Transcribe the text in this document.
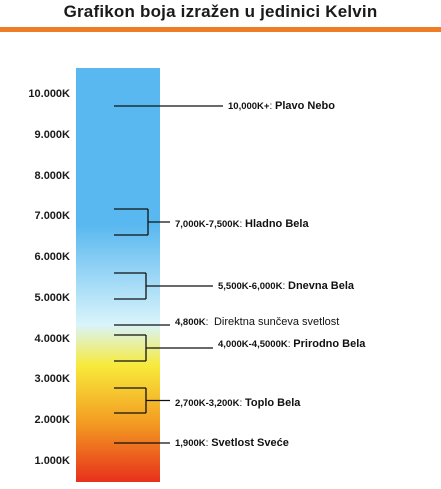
Grafikon boja izražen u jedinici Kelvin
10.000K
9.000K
8.000K
7.000K
6.000K
5.000K
4.000K
3.000K
2.000K
1.000K
10,000K+: Plavo Nebo
7,000K-7,500K: Hladno Bela
5,500K-6,000K: Dnevna Bela
4,800K:  Direktna sunčeva svetlost
4,000K-4,5000K: Prirodno Bela
2,700K-3,200K: Toplo Bela
1,900K: Svetlost Sveće
